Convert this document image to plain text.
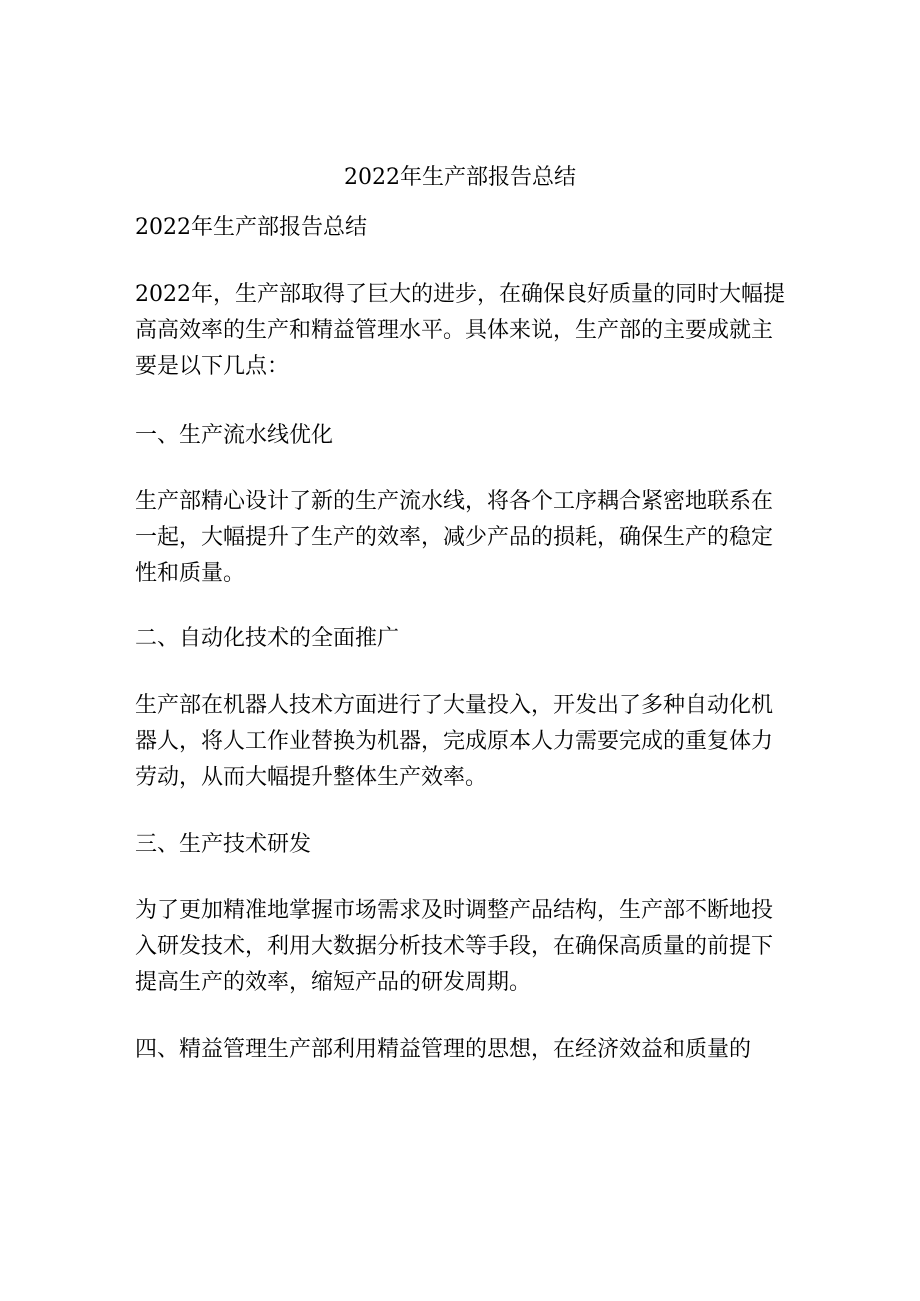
2022年生产部报告总结

2022年生产部报告总结

2022年，生产部取得了巨大的进步，在确保良好质量的同时大幅提高高效率的生产和精益管理水平。具体来说，生产部的主要成就主要是以下几点：

一、生产流水线优化

生产部精心设计了新的生产流水线，将各个工序耦合紧密地联系在一起，大幅提升了生产的效率，减少产品的损耗，确保生产的稳定性和质量。

二、自动化技术的全面推广

生产部在机器人技术方面进行了大量投入，开发出了多种自动化机器人，将人工作业替换为机器，完成原本人力需要完成的重复体力劳动，从而大幅提升整体生产效率。

三、生产技术研发

为了更加精准地掌握市场需求及时调整产品结构，生产部不断地投入研发技术，利用大数据分析技术等手段，在确保高质量的前提下提高生产的效率，缩短产品的研发周期。

四、精益管理生产部利用精益管理的思想，在经济效益和质量的
